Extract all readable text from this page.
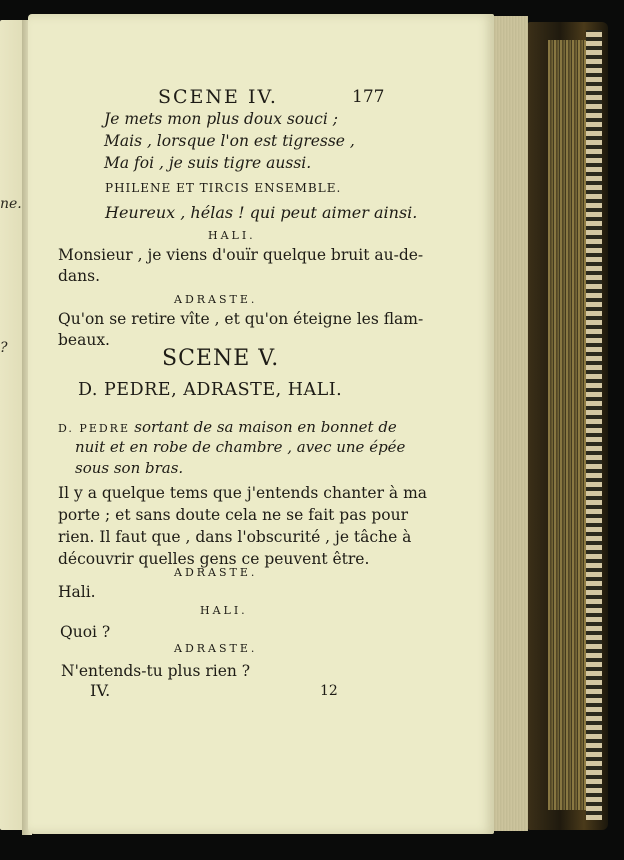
ne.
?
SCENE IV.	177
Je mets mon plus doux souci ;
Mais , lorsque l'on est tigresse ,
Ma foi , je suis tigre aussi.
PHILENE ET TIRCIS ENSEMBLE.
Heureux , hélas ! qui peut aimer ainsi.
HALI.
Monsieur , je viens d'ouïr quelque bruit au-de-
dans.
ADRASTE.
Qu'on se retire vîte , et qu'on éteigne les flam-
beaux.
SCENE V.
D. PEDRE, ADRASTE, HALI.
D. PEDRE sortant de sa maison en bonnet de
nuit et en robe de chambre , avec une épée
sous son bras.
Il y a quelque tems que j'entends chanter à ma
porte ; et sans doute cela ne se fait pas pour
rien. Il faut que , dans l'obscurité , je tâche à
découvrir quelles gens ce peuvent être.
ADRASTE.
Hali.
HALI.
Quoi ?
ADRASTE.
N'entends-tu plus rien ?
IV.	12
